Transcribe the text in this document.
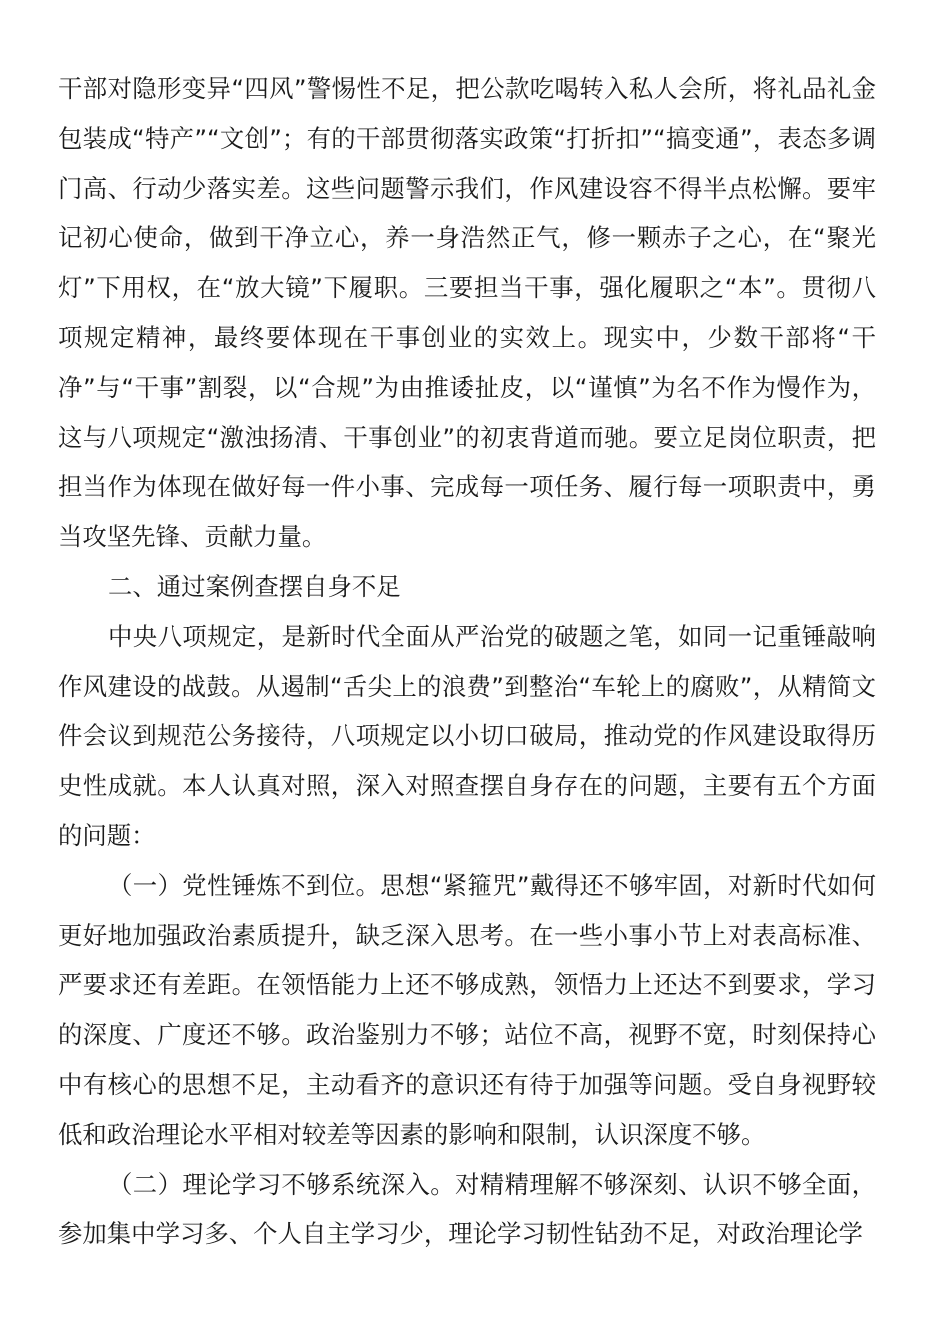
干部对隐形变异“四风”警惕性不足，把公款吃喝转入私人会所，将礼品礼金包装成“特产”“文创”；有的干部贯彻落实政策“打折扣”“搞变通”，表态多调门高、行动少落实差。这些问题警示我们，作风建设容不得半点松懈。要牢记初心使命，做到干净立心，养一身浩然正气，修一颗赤子之心，在“聚光灯”下用权，在“放大镜”下履职。三要担当干事，强化履职之“本”。贯彻八项规定精神，最终要体现在干事创业的实效上。现实中，少数干部将“干净”与“干事”割裂，以“合规”为由推诿扯皮，以“谨慎”为名不作为慢作为，这与八项规定“激浊扬清、干事创业”的初衷背道而驰。要立足岗位职责，把担当作为体现在做好每一件小事、完成每一项任务、履行每一项职责中，勇当攻坚先锋、贡献力量。

二、通过案例查摆自身不足

中央八项规定，是新时代全面从严治党的破题之笔，如同一记重锤敲响作风建设的战鼓。从遏制“舌尖上的浪费”到整治“车轮上的腐败”，从精简文件会议到规范公务接待，八项规定以小切口破局，推动党的作风建设取得历史性成就。本人认真对照，深入对照查摆自身存在的问题，主要有五个方面的问题：

（一）党性锤炼不到位。思想“紧箍咒”戴得还不够牢固，对新时代如何更好地加强政治素质提升，缺乏深入思考。在一些小事小节上对表高标准、严要求还有差距。在领悟能力上还不够成熟，领悟力上还达不到要求，学习的深度、广度还不够。政治鉴别力不够；站位不高，视野不宽，时刻保持心中有核心的思想不足，主动看齐的意识还有待于加强等问题。受自身视野较低和政治理论水平相对较差等因素的影响和限制，认识深度不够。

（二）理论学习不够系统深入。对精精理解不够深刻、认识不够全面，参加集中学习多、个人自主学习少，理论学习韧性钻劲不足，对政治理论学
